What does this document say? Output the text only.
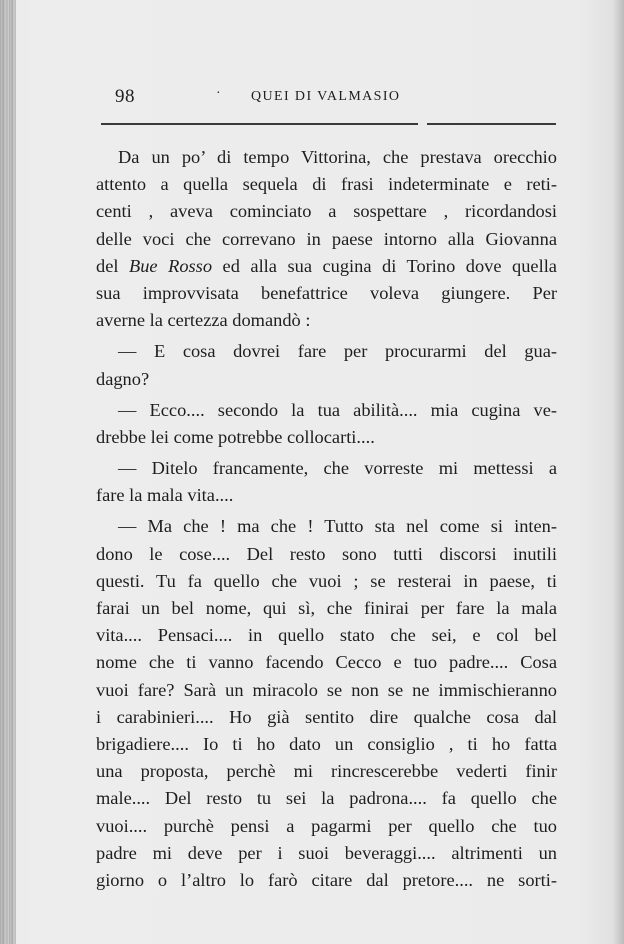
98	· QUEI DI VALMASIO
Da un po’ di tempo Vittorina, che prestava orecchio
attento a quella sequela di frasi indeterminate e reti-
centi , aveva cominciato a sospettare , ricordandosi
delle voci che correvano in paese intorno alla Giovanna
del Bue Rosso ed alla sua cugina di Torino dove quella
sua improvvisata benefattrice voleva giungere. Per
averne la certezza domandò :
— E cosa dovrei fare per procurarmi del gua-
dagno?
— Ecco.... secondo la tua abilità.... mia cugina ve-
drebbe lei come potrebbe collocarti....
— Ditelo francamente, che vorreste mi mettessi a
fare la mala vita....
— Ma che ! ma che ! Tutto sta nel come si inten-
dono le cose.... Del resto sono tutti discorsi inutili
questi. Tu fa quello che vuoi ; se resterai in paese, ti
farai un bel nome, qui sì, che finirai per fare la mala
vita.... Pensaci.... in quello stato che sei, e col bel
nome che ti vanno facendo Cecco e tuo padre.... Cosa
vuoi fare? Sarà un miracolo se non se ne immischieranno
i carabinieri.... Ho già sentito dire qualche cosa dal
brigadiere.... Io ti ho dato un consiglio , ti ho fatta
una proposta, perchè mi rincrescerebbe vederti finir
male.... Del resto tu sei la padrona.... fa quello che
vuoi.... purchè pensi a pagarmi per quello che tuo
padre mi deve per i suoi beveraggi.... altrimenti un
giorno o l’altro lo farò citare dal pretore.... ne sorti-
